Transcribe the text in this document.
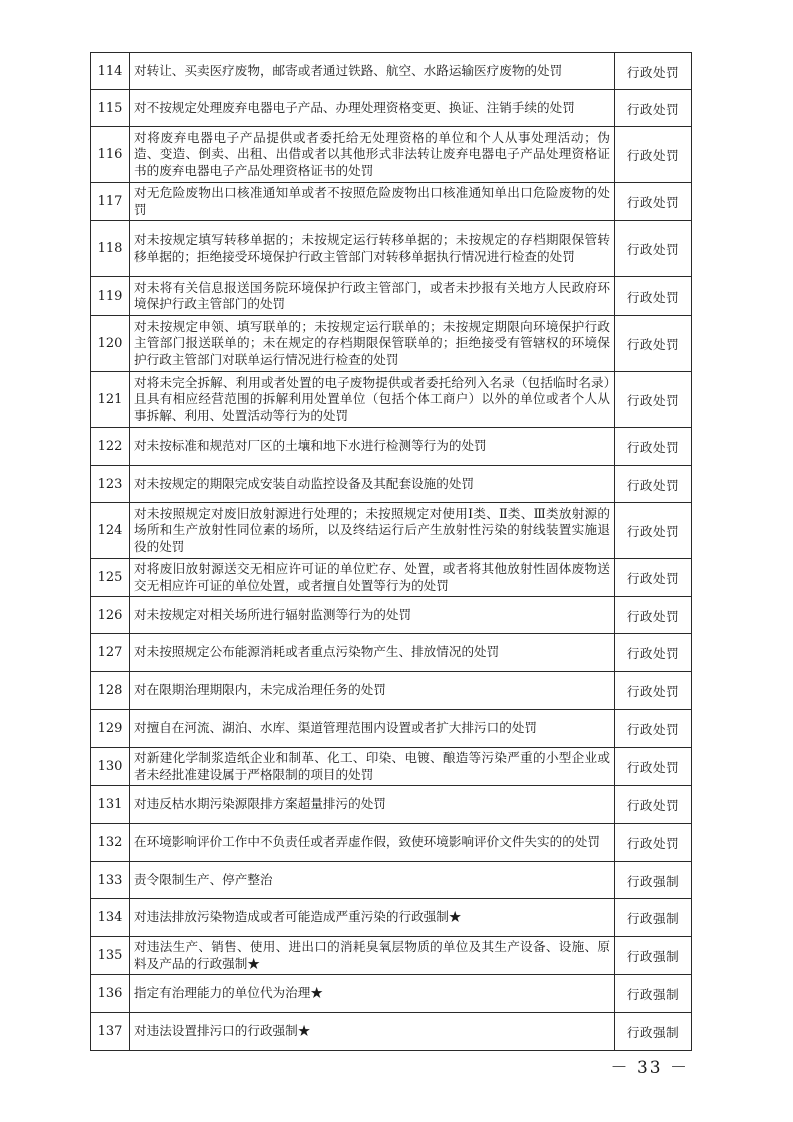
114	对转让、买卖医疗废物，邮寄或者通过铁路、航空、水路运输医疗废物的处罚	行政处罚
115	对不按规定处理废弃电器电子产品、办理处理资格变更、换证、注销手续的处罚	行政处罚
116	对将废弃电器电子产品提供或者委托给无处理资格的单位和个人从事处理活动；伪造、变造、倒卖、出租、出借或者以其他形式非法转让废弃电器电子产品处理资格证书的废弃电器电子产品处理资格证书的处罚	行政处罚
117	对无危险废物出口核准通知单或者不按照危险废物出口核准通知单出口危险废物的处罚	行政处罚
118	对未按规定填写转移单据的；未按规定运行转移单据的；未按规定的存档期限保管转移单据的；拒绝接受环境保护行政主管部门对转移单据执行情况进行检查的处罚	行政处罚
119	对未将有关信息报送国务院环境保护行政主管部门，或者未抄报有关地方人民政府环境保护行政主管部门的处罚	行政处罚
120	对未按规定申领、填写联单的；未按规定运行联单的；未按规定期限向环境保护行政主管部门报送联单的；未在规定的存档期限保管联单的；拒绝接受有管辖权的环境保护行政主管部门对联单运行情况进行检查的处罚	行政处罚
121	对将未完全拆解、利用或者处置的电子废物提供或者委托给列入名录（包括临时名录）且具有相应经营范围的拆解利用处置单位（包括个体工商户）以外的单位或者个人从事拆解、利用、处置活动等行为的处罚	行政处罚
122	对未按标准和规范对厂区的土壤和地下水进行检测等行为的处罚	行政处罚
123	对未按规定的期限完成安装自动监控设备及其配套设施的处罚	行政处罚
124	对未按照规定对废旧放射源进行处理的；未按照规定对使用Ⅰ类、Ⅱ类、Ⅲ类放射源的场所和生产放射性同位素的场所，以及终结运行后产生放射性污染的射线装置实施退役的处罚	行政处罚
125	对将废旧放射源送交无相应许可证的单位贮存、处置，或者将其他放射性固体废物送交无相应许可证的单位处置，或者擅自处置等行为的处罚	行政处罚
126	对未按规定对相关场所进行辐射监测等行为的处罚	行政处罚
127	对未按照规定公布能源消耗或者重点污染物产生、排放情况的处罚	行政处罚
128	对在限期治理期限内，未完成治理任务的处罚	行政处罚
129	对擅自在河流、湖泊、水库、渠道管理范围内设置或者扩大排污口的处罚	行政处罚
130	对新建化学制浆造纸企业和制革、化工、印染、电镀、酿造等污染严重的小型企业或者未经批准建设属于严格限制的项目的处罚	行政处罚
131	对违反枯水期污染源限排方案超量排污的处罚	行政处罚
132	在环境影响评价工作中不负责任或者弄虚作假，致使环境影响评价文件失实的的处罚	行政处罚
133	责令限制生产、停产整治	行政强制
134	对违法排放污染物造成或者可能造成严重污染的行政强制★	行政强制
135	对违法生产、销售、使用、进出口的消耗臭氧层物质的单位及其生产设备、设施、原料及产品的行政强制★	行政强制
136	指定有治理能力的单位代为治理★	行政强制
137	对违法设置排污口的行政强制★	行政强制
－ 33 －
